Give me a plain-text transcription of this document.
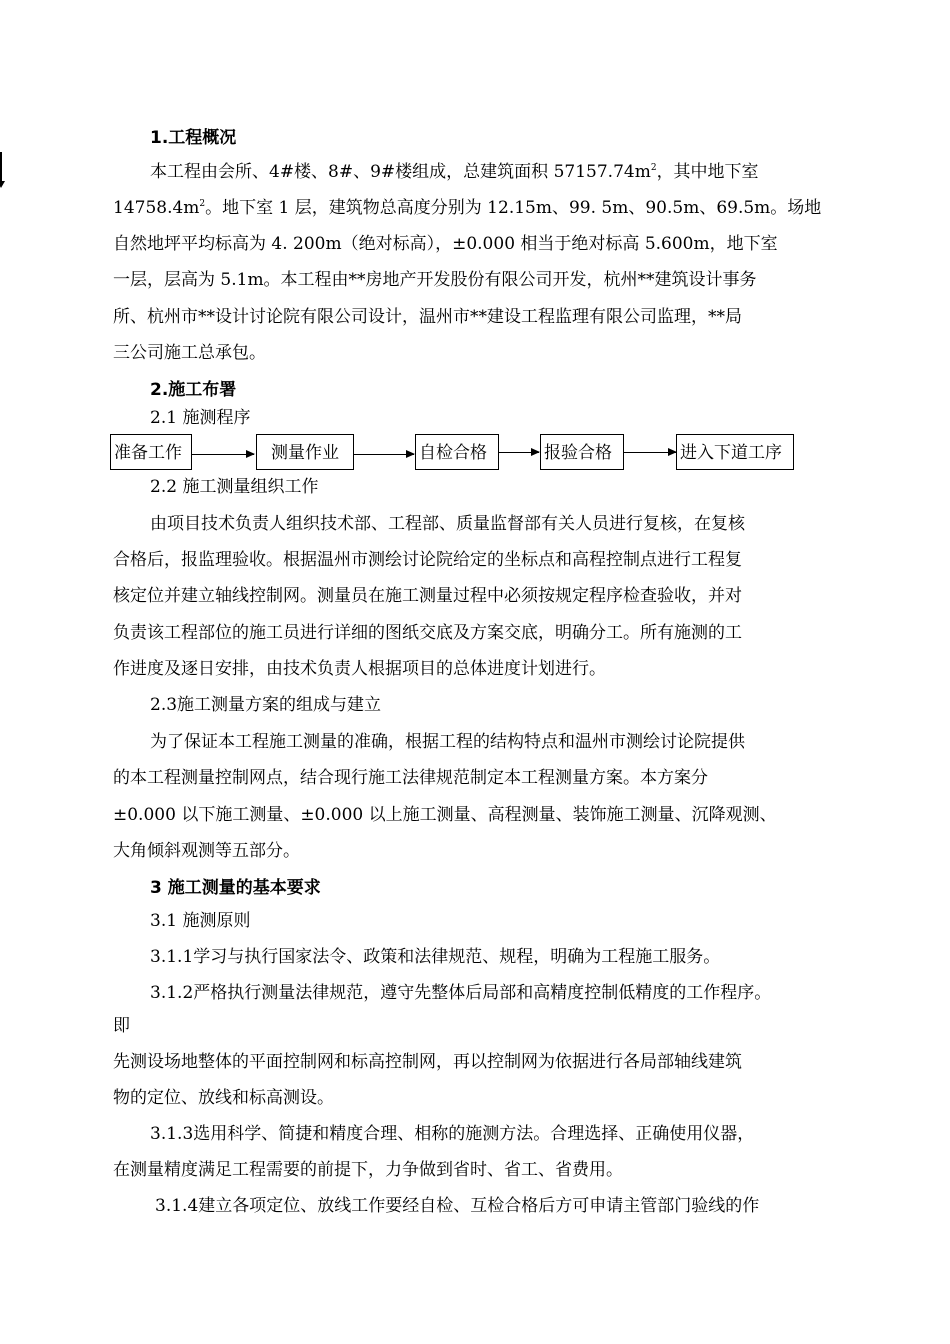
1.工程概况
本工程由会所、4#楼、8#、9#楼组成，总建筑面积 $57157.74m^2$，其中地下室
$14758.4m^2$。地下室 1 层，建筑物总高度分别为 12.15m、99. 5m、90.5m、69.5m。场地
自然地坪平均标高为 4. 200m（绝对标高），±0.000 相当于绝对标高 5.600m，地下室
一层，层高为 5.1m。本工程由**房地产开发股份有限公司开发，杭州**建筑设计事务
所、杭州市**设计讨论院有限公司设计，温州市**建设工程监理有限公司监理，**局
三公司施工总承包。
2.施工布署
2.1 施测程序
准备工作	测量作业	自检合格	报验合格	进入下道工序
2.2 施工测量组织工作
由项目技术负责人组织技术部、工程部、质量监督部有关人员进行复核，在复核
合格后，报监理验收。根据温州市测绘讨论院给定的坐标点和高程控制点进行工程复
核定位并建立轴线控制网。测量员在施工测量过程中必须按规定程序检查验收，并对
负责该工程部位的施工员进行详细的图纸交底及方案交底，明确分工。所有施测的工
作进度及逐日安排，由技术负责人根据项目的总体进度计划进行。
2.3施工测量方案的组成与建立
为了保证本工程施工测量的准确，根据工程的结构特点和温州市测绘讨论院提供
的本工程测量控制网点，结合现行施工法律规范制定本工程测量方案。本方案分
±0.000 以下施工测量、±0.000 以上施工测量、高程测量、装饰施工测量、沉降观测、
大角倾斜观测等五部分。
3 施工测量的基本要求
3.1 施测原则
3.1.1学习与执行国家法令、政策和法律规范、规程，明确为工程施工服务。
3.1.2严格执行测量法律规范，遵守先整体后局部和高精度控制低精度的工作程序。
即
先测设场地整体的平面控制网和标高控制网，再以控制网为依据进行各局部轴线建筑
物的定位、放线和标高测设。
3.1.3选用科学、简捷和精度合理、相称的施测方法。合理选择、正确使用仪器，
在测量精度满足工程需要的前提下，力争做到省时、省工、省费用。
3.1.4建立各项定位、放线工作要经自检、互检合格后方可申请主管部门验线的作
